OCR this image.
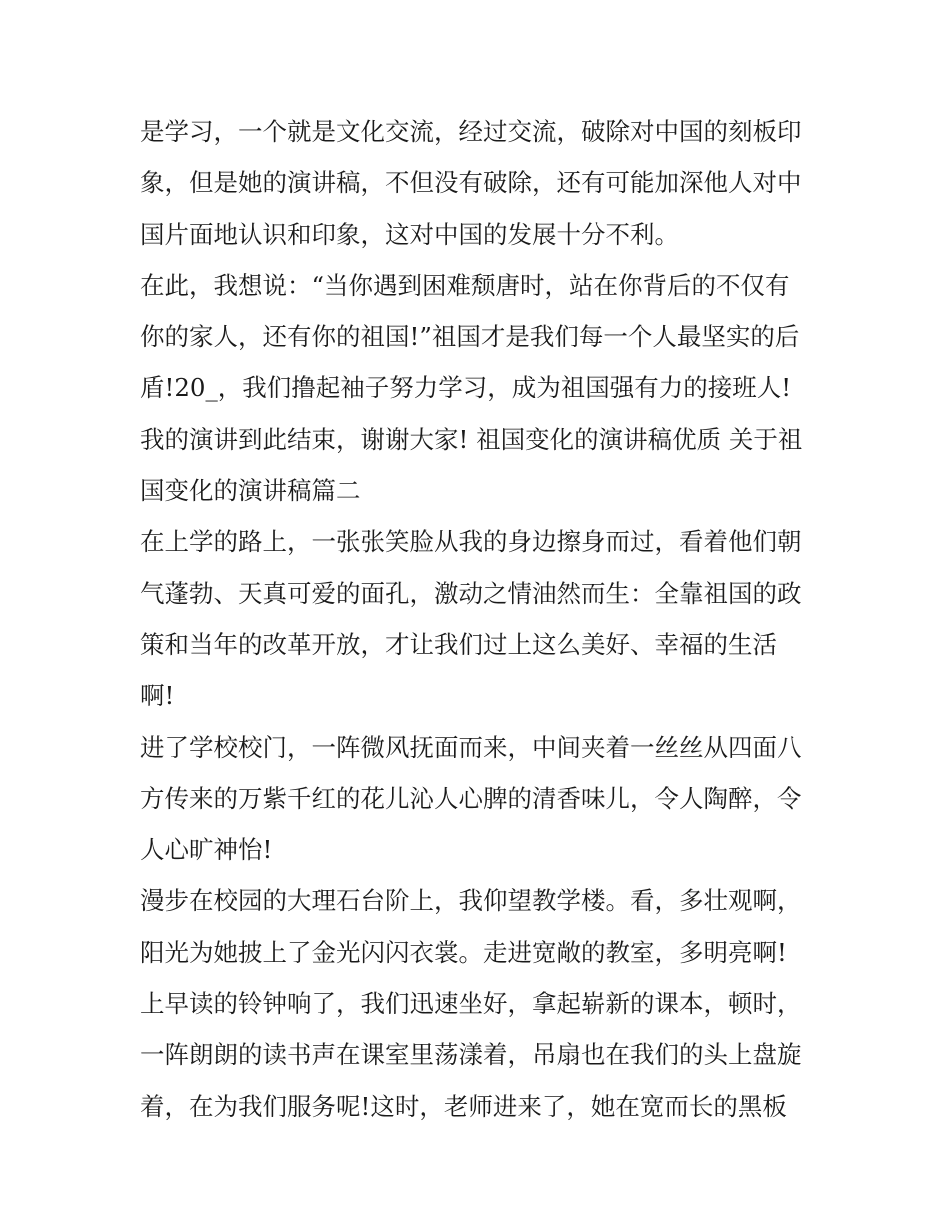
是学习，一个就是文化交流，经过交流，破除对中国的刻板印
象，但是她的演讲稿，不但没有破除，还有可能加深他人对中
国片面地认识和印象，这对中国的发展十分不利。
在此，我想说：“当你遇到困难颓唐时，站在你背后的不仅有
你的家人，还有你的祖国!”祖国才是我们每一个人最坚实的后
盾!20_，我们撸起袖子努力学习，成为祖国强有力的接班人!
我的演讲到此结束，谢谢大家! 祖国变化的演讲稿优质 关于祖
国变化的演讲稿篇二
在上学的路上，一张张笑脸从我的身边擦身而过，看着他们朝
气蓬勃、天真可爱的面孔，激动之情油然而生：全靠祖国的政
策和当年的改革开放，才让我们过上这么美好、幸福的生活
啊!
进了学校校门，一阵微风抚面而来，中间夹着一丝丝从四面八
方传来的万紫千红的花儿沁人心脾的清香味儿，令人陶醉，令
人心旷神怡!
漫步在校园的大理石台阶上，我仰望教学楼。看，多壮观啊，
阳光为她披上了金光闪闪衣裳。走进宽敞的教室，多明亮啊!
上早读的铃钟响了，我们迅速坐好，拿起崭新的课本，顿时，
一阵朗朗的读书声在课室里荡漾着，吊扇也在我们的头上盘旋
着，在为我们服务呢!这时，老师进来了，她在宽而长的黑板
